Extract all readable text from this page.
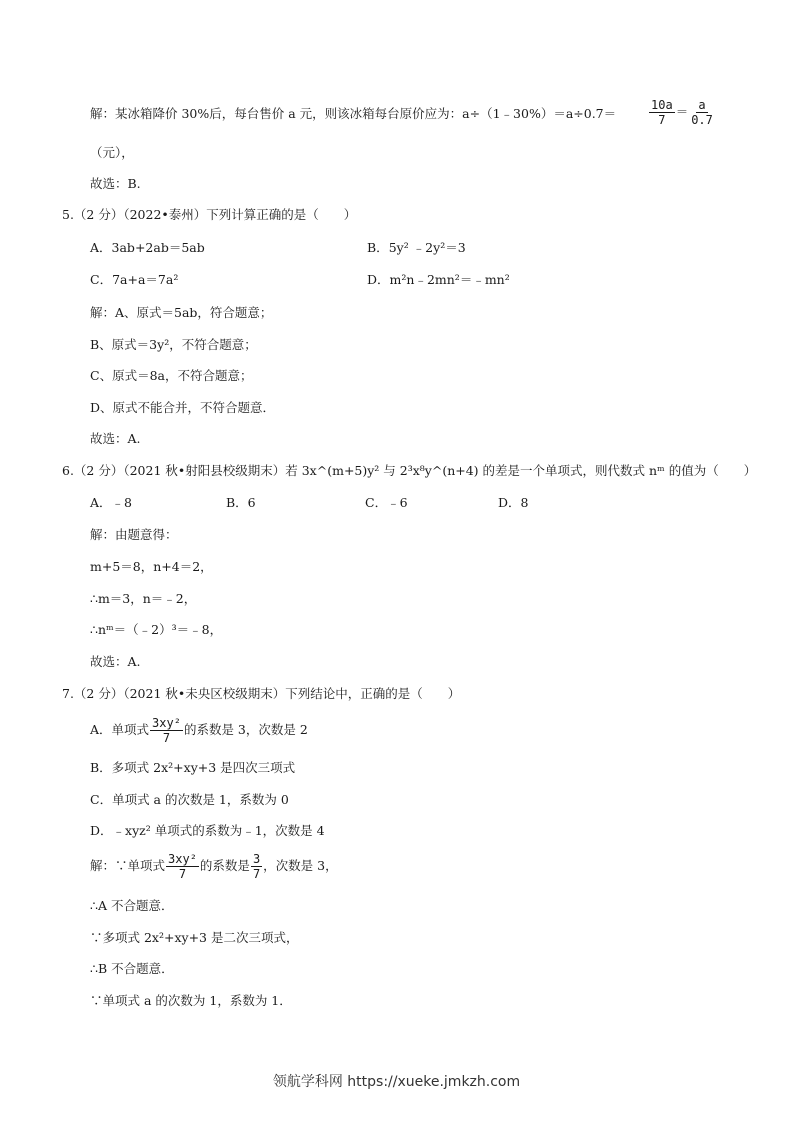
解：某冰箱降价 30%后，每台售价 a 元，则该冰箱每台原价应为：a÷（1﹣30%）＝a÷0.7＝	$\frac{10a}{7} = \frac{a}{0.7}$
（元），
故选：B.
5.（2 分）（2022•泰州）下列计算正确的是（　　）
A．3ab+2ab＝5ab	B．5y² ﹣2y²＝3
C．7a+a＝7a²	D．m²n﹣2mn²＝﹣mn²
解：A、原式＝5ab，符合题意；
B、原式＝3y²，不符合题意；
C、原式＝8a，不符合题意；
D、原式不能合并，不符合题意．
故选：A.
6.（2 分）（2021 秋•射阳县校级期末）若 3x^(m+5)y² 与 2³x⁸y^(n+4) 的差是一个单项式，则代数式 nᵐ 的值为（　　）
A．﹣8	B．6	C．﹣6	D．8
解：由题意得：
m+5＝8，n+4＝2，
∴m＝3，n＝﹣2，
∴nᵐ＝（﹣2）³＝﹣8，
故选：A.
7.（2 分）（2021 秋•未央区校级期末）下列结论中，正确的是（　　）
A．单项式 $\frac{\text{3xy²}}{7}$ 的系数是 3，次数是 2
B．多项式 2x²+xy+3 是四次三项式
C．单项式 a 的次数是 1，系数为 0
D．﹣xyz² 单项式的系数为﹣1，次数是 4
解：∵单项式 $\frac{\text{3xy²}}{7}$ 的系数是 $\frac{3}{7}$ ，次数是 3，
∴A 不合题意．
∵多项式 2x²+xy+3 是二次三项式，
∴B 不合题意．
∵单项式 a 的次数为 1，系数为 1．
领航学科网 https://xueke.jmkzh.com
